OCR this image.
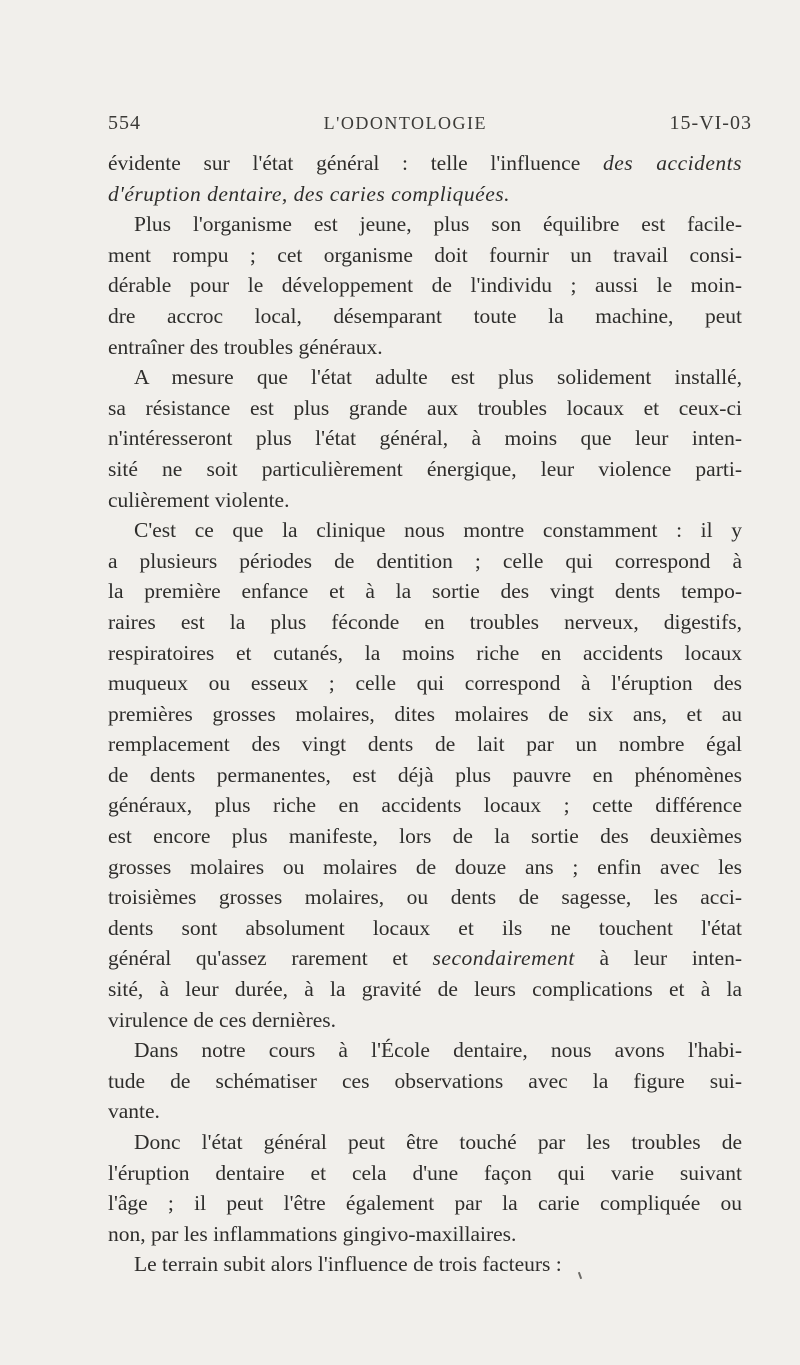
554	L'ODONTOLOGIE	15-VI-03
évidente sur l'état général : telle l'influence des accidents
d'éruption dentaire, des caries compliquées.
Plus l'organisme est jeune, plus son équilibre est facile-
ment rompu ; cet organisme doit fournir un travail consi-
dérable pour le développement de l'individu ; aussi le moin-
dre accroc local, désemparant toute la machine, peut
entraîner des troubles généraux.
A mesure que l'état adulte est plus solidement installé,
sa résistance est plus grande aux troubles locaux et ceux-ci
n'intéresseront plus l'état général, à moins que leur inten-
sité ne soit particulièrement énergique, leur violence parti-
culièrement violente.
C'est ce que la clinique nous montre constamment : il y
a plusieurs périodes de dentition ; celle qui correspond à
la première enfance et à la sortie des vingt dents tempo-
raires est la plus féconde en troubles nerveux, digestifs,
respiratoires et cutanés, la moins riche en accidents locaux
muqueux ou esseux ; celle qui correspond à l'éruption des
premières grosses molaires, dites molaires de six ans, et au
remplacement des vingt dents de lait par un nombre égal
de dents permanentes, est déjà plus pauvre en phénomènes
généraux, plus riche en accidents locaux ; cette différence
est encore plus manifeste, lors de la sortie des deuxièmes
grosses molaires ou molaires de douze ans ; enfin avec les
troisièmes grosses molaires, ou dents de sagesse, les acci-
dents sont absolument locaux et ils ne touchent l'état
général qu'assez rarement et secondairement à leur inten-
sité, à leur durée, à la gravité de leurs complications et à la
virulence de ces dernières.
Dans notre cours à l'École dentaire, nous avons l'habi-
tude de schématiser ces observations avec la figure sui-
vante.
Donc l'état général peut être touché par les troubles de
l'éruption dentaire et cela d'une façon qui varie suivant
l'âge ; il peut l'être également par la carie compliquée ou
non, par les inflammations gingivo-maxillaires.
Le terrain subit alors l'influence de trois facteurs :
